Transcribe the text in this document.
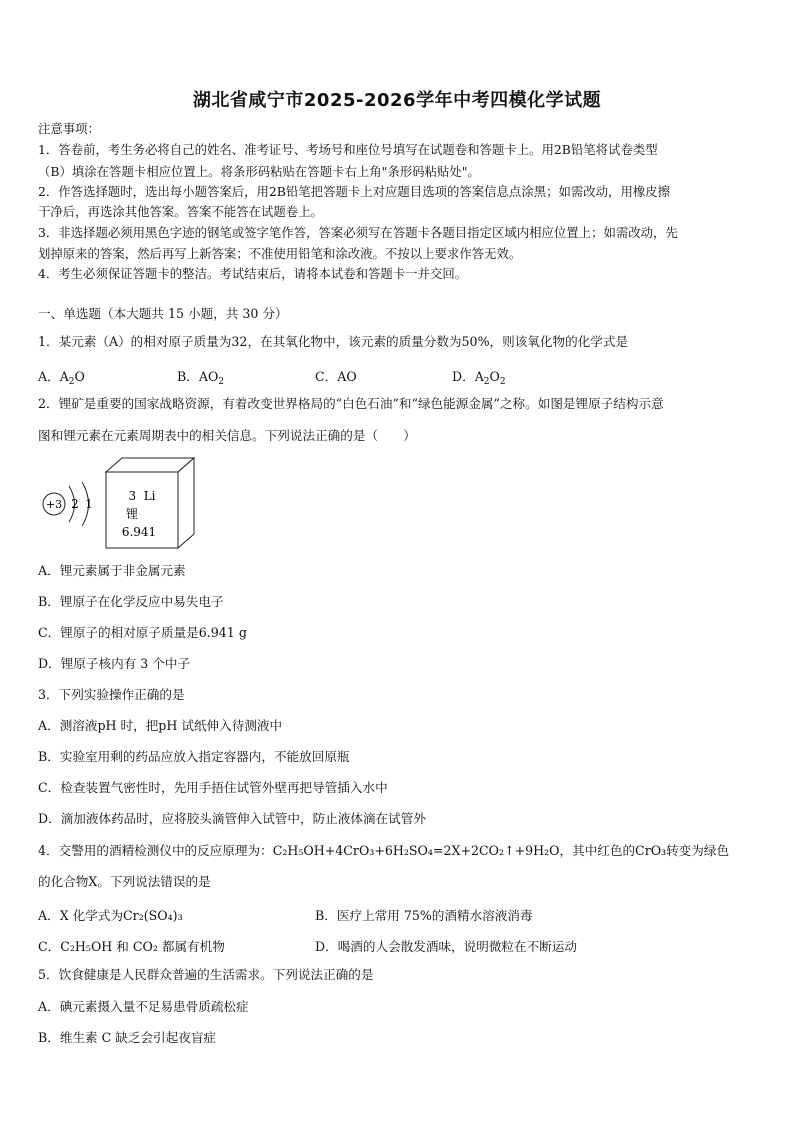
湖北省咸宁市2025-2026学年中考四模化学试题
注意事项：
1．答卷前，考生务必将自己的姓名、准考证号、考场号和座位号填写在试题卷和答题卡上。用2B铅笔将试卷类型
（B）填涂在答题卡相应位置上。将条形码粘贴在答题卡右上角"条形码粘贴处"。
2．作答选择题时，选出每小题答案后，用2B铅笔把答题卡上对应题目选项的答案信息点涂黑；如需改动，用橡皮擦
干净后，再选涂其他答案。答案不能答在试题卷上。
3．非选择题必须用黑色字迹的钢笔或签字笔作答，答案必须写在答题卡各题目指定区域内相应位置上；如需改动，先
划掉原来的答案，然后再写上新答案；不准使用铅笔和涂改液。不按以上要求作答无效。
4．考生必须保证答题卡的整洁。考试结束后，请将本试卷和答题卡一并交回。
一、单选题（本大题共 15 小题，共 30 分）
1．某元素（A）的相对原子质量为32，在其氧化物中，该元素的质量分数为50%，则该氧化物的化学式是
A．$A_2O$	B．$AO_2$	C．AO	D．$A_2O_2$
2．锂矿是重要的国家战略资源，有着改变世界格局的“白色石油”和“绿色能源金属”之称。如图是锂原子结构示意
图和锂元素在元素周期表中的相关信息。下列说法正确的是（　　）
+3 2 1
3  Li
锂
6.941
A．锂元素属于非金属元素
B．锂原子在化学反应中易失电子
C．锂原子的相对原子质量是6.941 g
D．锂原子核内有 3 个中子
3．下列实验操作正确的是
A．测溶液pH 时，把pH 试纸伸入待测液中
B．实验室用剩的药品应放入指定容器内，不能放回原瓶
C．检查装置气密性时，先用手捂住试管外壁再把导管插入水中
D．滴加液体药品时，应将胶头滴管伸入试管中，防止液体滴在试管外
4．交警用的酒精检测仪中的反应原理为：C₂H₅OH+4CrO₃+6H₂SO₄=2X+2CO₂↑+9H₂O，其中红色的CrO₃转变为绿色
的化合物X。下列说法错误的是
A．X 化学式为Cr₂(SO₄)₃	B．医疗上常用 75%的酒精水溶液消毒
C．C₂H₅OH 和 CO₂ 都属有机物	D．喝酒的人会散发酒味，说明微粒在不断运动
5．饮食健康是人民群众普遍的生活需求。下列说法正确的是
A．碘元素摄入量不足易患骨质疏松症
B．维生素 C 缺乏会引起夜盲症
